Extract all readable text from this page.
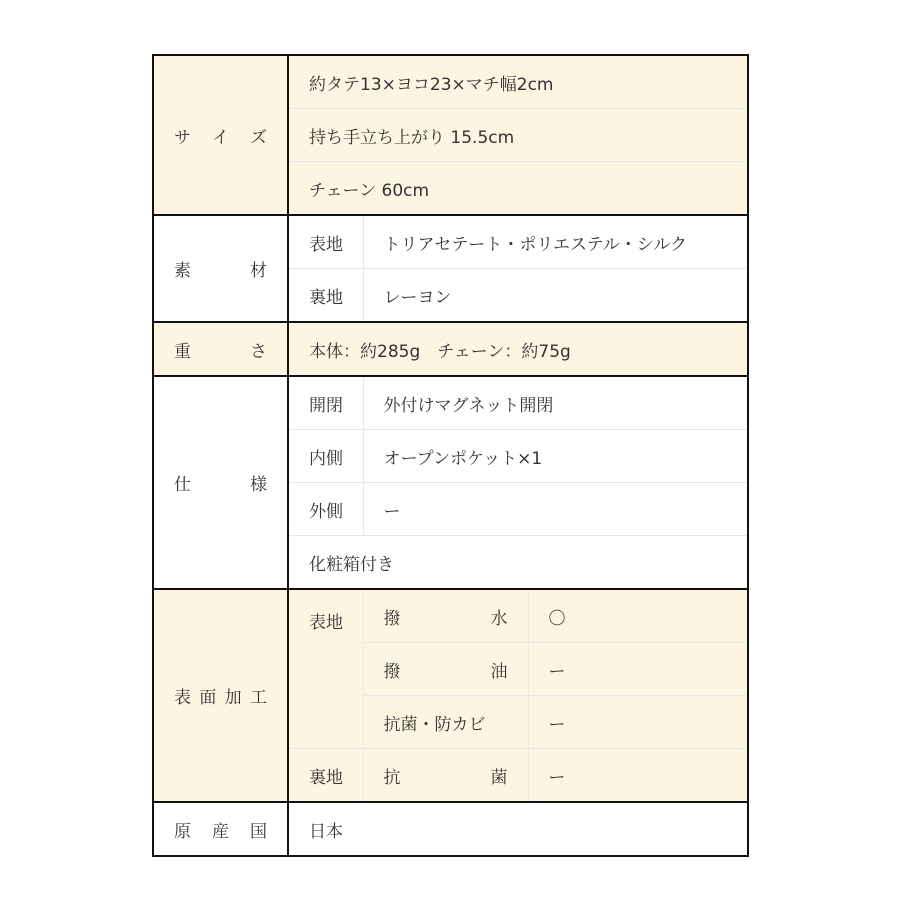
サ イ ズ	約タテ13×ヨコ23×マチ幅2cm		
	持ち手立ち上がり 15.5cm		
	チェーン 60cm		

素 材	表地	トリアセテート・ポリエステル・シルク	
	裏地	レーヨン	

重 さ	本体：約285g　チェーン：約75g		

仕 様	開閉	外付けマグネット開閉	
	内側	オープンポケット×1	
	外側	ー	
	化粧箱付き		

表 面 加 工	表地	撥 水	〇

		撥 油	ー
		抗菌・防カビ	ー
	裏地	抗 菌	ー

原 産 国	日本		
